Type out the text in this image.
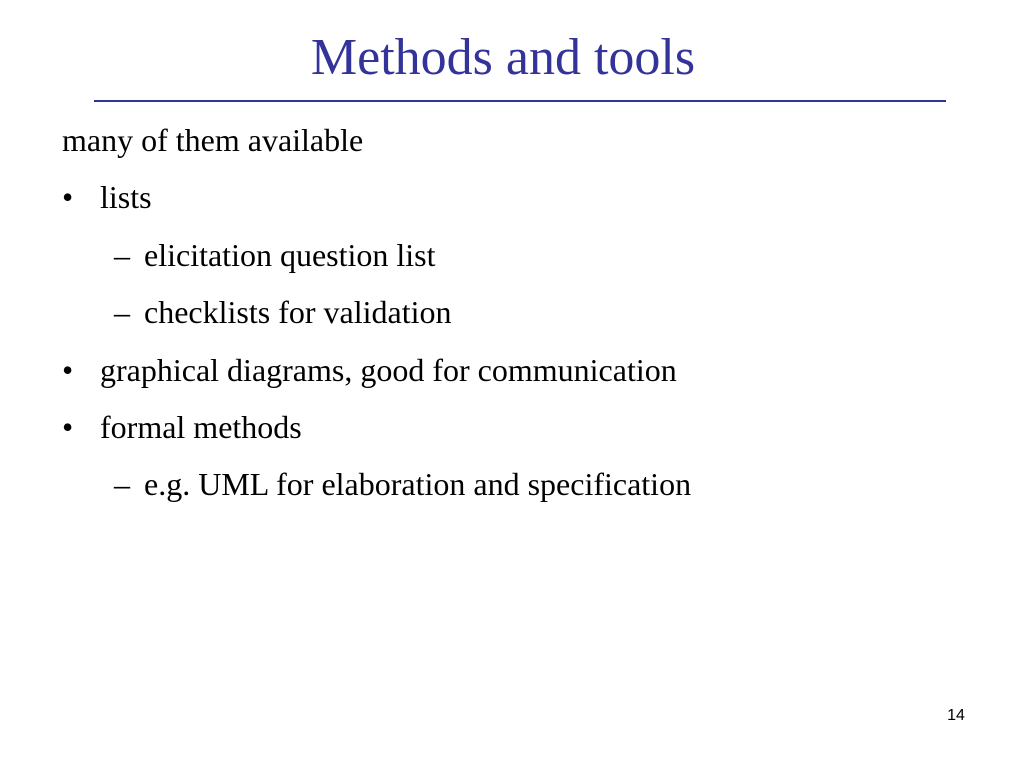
Methods and tools
many of them available
• lists
– elicitation question list
– checklists for validation
• graphical diagrams, good for communication
• formal methods
– e.g. UML for elaboration and specification
14
